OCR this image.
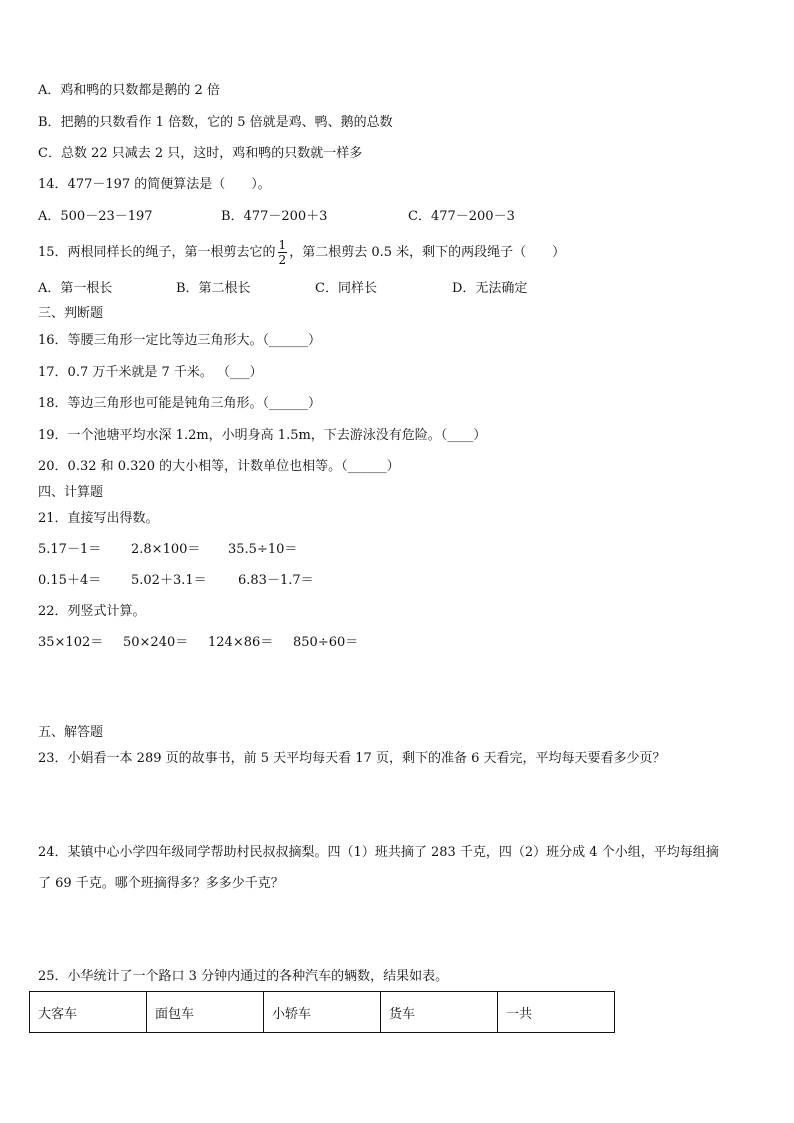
A．鸡和鸭的只数都是鹅的 2 倍
B．把鹅的只数看作 1 倍数，它的 5 倍就是鸡、鸭、鹅的总数
C．总数 22 只减去 2 只，这时，鸡和鸭的只数就一样多
14．477－197 的简便算法是（　　）。
A．500－23－197	B．477－200＋3	C．477－200－3
15．两根同样长的绳子，第一根剪去它的 $\frac{1}{2}$ ，第二根剪去 0.5 米，剩下的两段绳子（　　）
A．第一根长	B．第二根长	C．同样长	D．无法确定
三、判断题
16．等腰三角形一定比等边三角形大。（______）
17．0.7 万千米就是 7 千米。 （___）
18．等边三角形也可能是钝角三角形。（______）
19．一个池塘平均水深 1.2m，小明身高 1.5m，下去游泳没有危险。（____）
20．0.32 和 0.320 的大小相等，计数单位也相等。（______）
四、计算题
21．直接写出得数。
5.17－1＝ 2.8×100＝ 35.5÷10＝
0.15＋4＝ 5.02＋3.1＝ 6.83－1.7＝
22．列竖式计算。
35×102＝ 50×240＝ 124×86＝ 850÷60＝
五、解答题
23．小娟看一本 289 页的故事书，前 5 天平均每天看 17 页，剩下的准备 6 天看完，平均每天要看多少页？
24．某镇中心小学四年级同学帮助村民叔叔摘梨。四（1）班共摘了 283 千克，四（2）班分成 4 个小组，平均每组摘
了 69 千克。哪个班摘得多？多多少千克？
25．小华统计了一个路口 3 分钟内通过的各种汽车的辆数，结果如表。
大客车	面包车	小轿车	货车	一共
